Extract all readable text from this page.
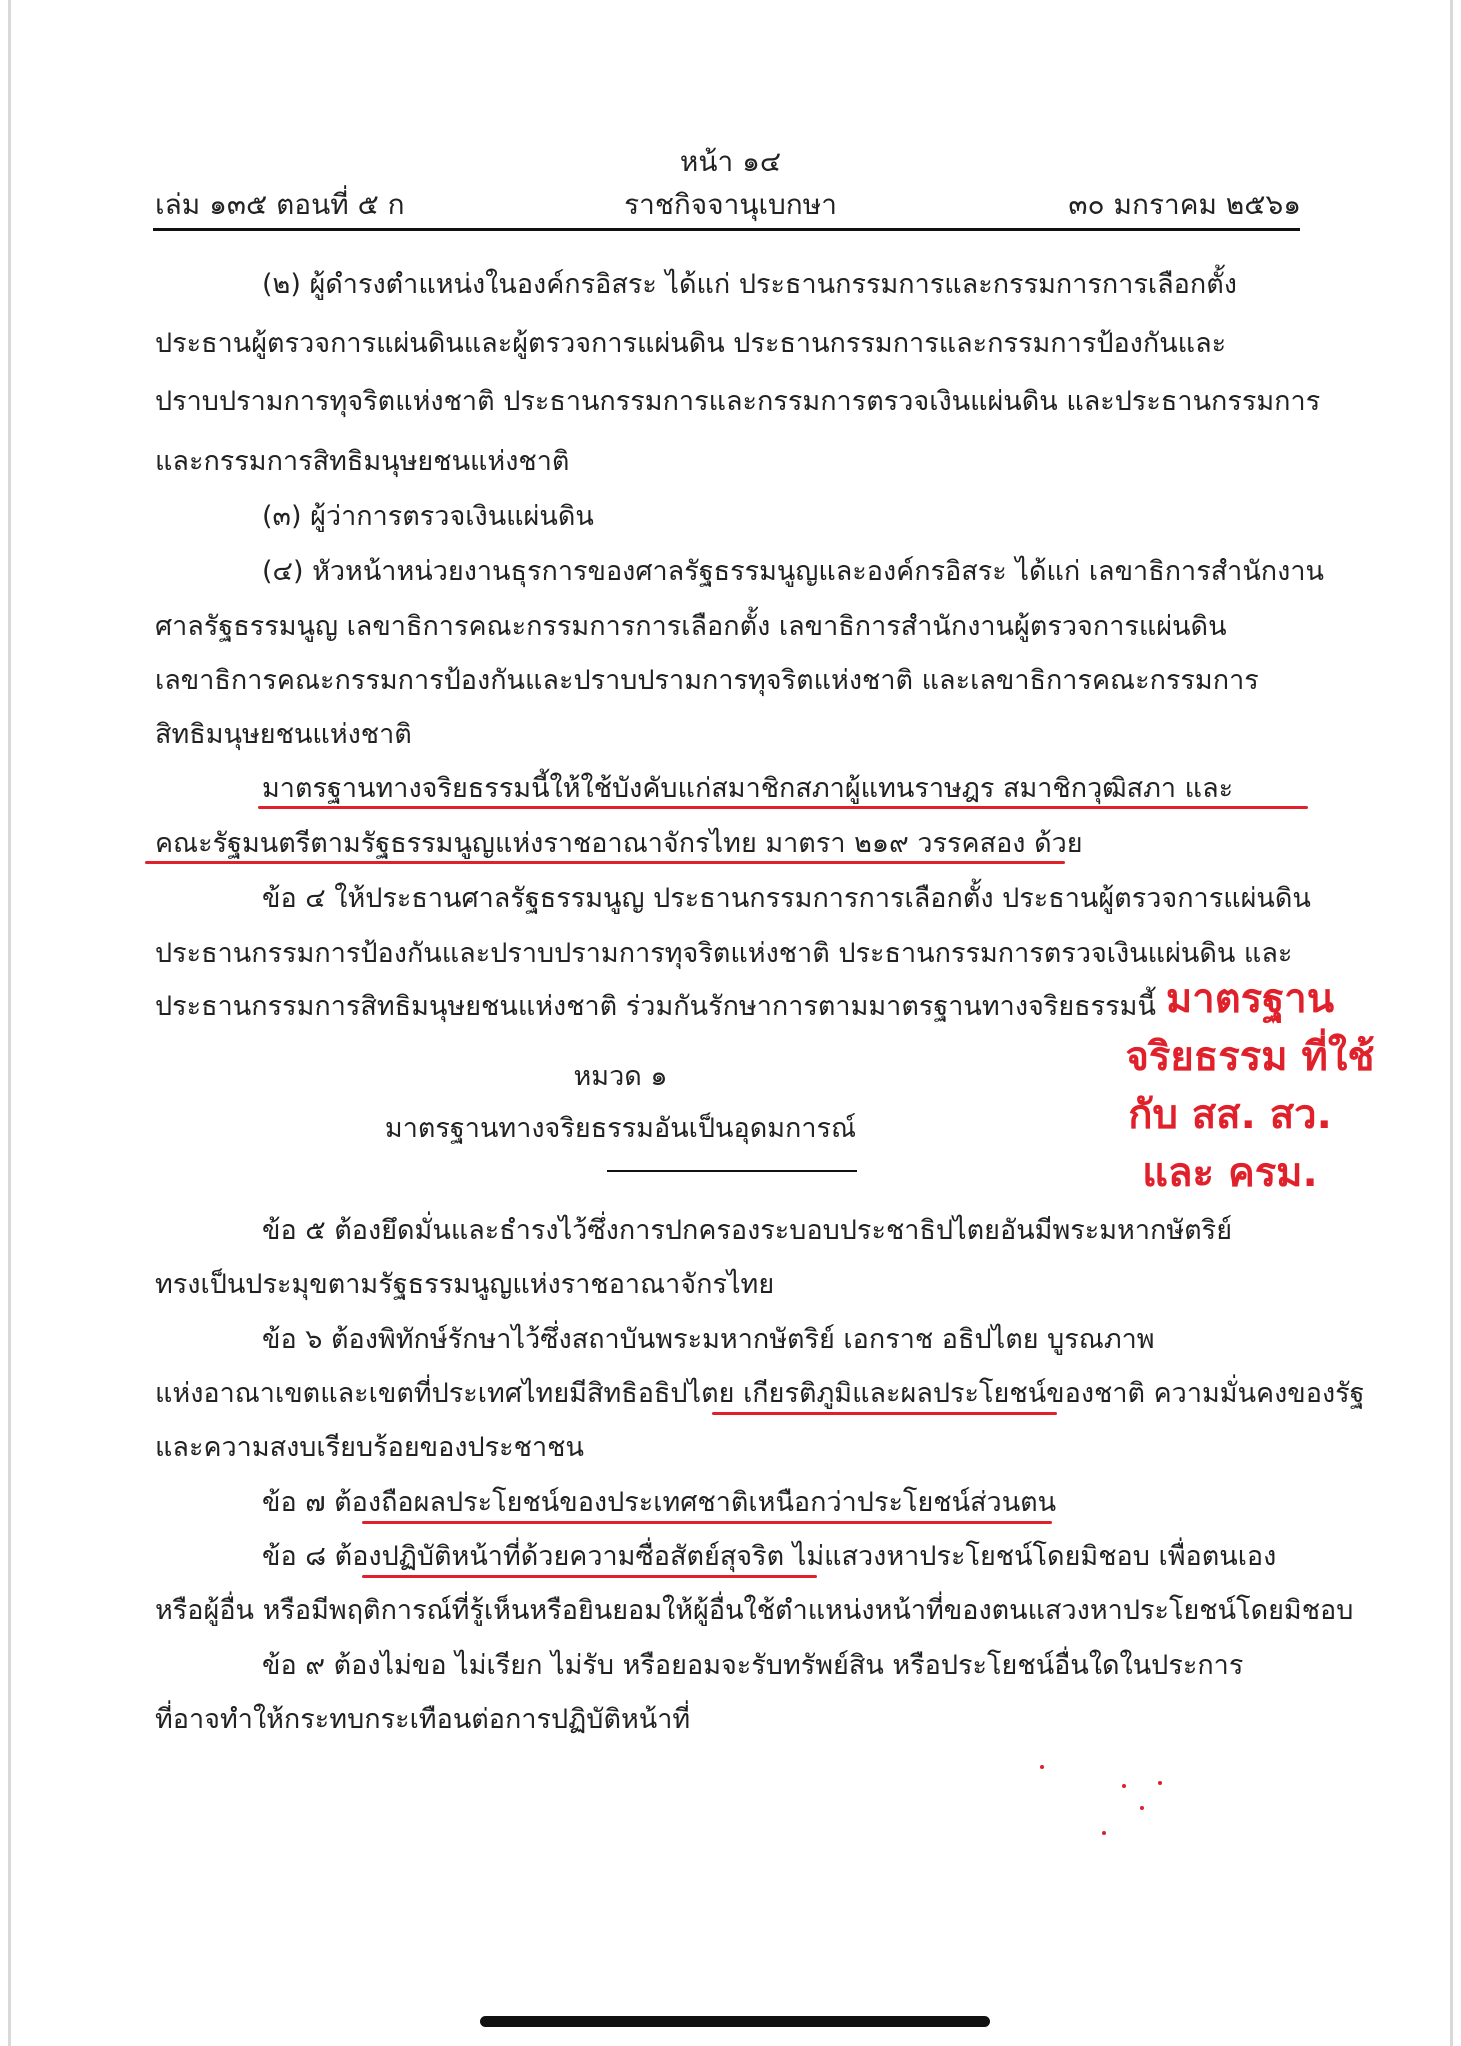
หน้า ๑๔
เล่ม ๑๓๕ ตอนที่ ๕ ก	ราชกิจจานุเบกษา	๓๐ มกราคม ๒๕๖๑
(๒) ผู้ดำรงตำแหน่งในองค์กรอิสระ ได้แก่ ประธานกรรมการและกรรมการการเลือกตั้ง
ประธานผู้ตรวจการแผ่นดินและผู้ตรวจการแผ่นดิน ประธานกรรมการและกรรมการป้องกันและ
ปราบปรามการทุจริตแห่งชาติ ประธานกรรมการและกรรมการตรวจเงินแผ่นดิน และประธานกรรมการ
และกรรมการสิทธิมนุษยชนแห่งชาติ
(๓) ผู้ว่าการตรวจเงินแผ่นดิน
(๔) หัวหน้าหน่วยงานธุรการของศาลรัฐธรรมนูญและองค์กรอิสระ ได้แก่ เลขาธิการสำนักงาน
ศาลรัฐธรรมนูญ เลขาธิการคณะกรรมการการเลือกตั้ง เลขาธิการสำนักงานผู้ตรวจการแผ่นดิน
เลขาธิการคณะกรรมการป้องกันและปราบปรามการทุจริตแห่งชาติ และเลขาธิการคณะกรรมการ
สิทธิมนุษยชนแห่งชาติ
มาตรฐานทางจริยธรรมนี้ให้ใช้บังคับแก่สมาชิกสภาผู้แทนราษฎร สมาชิกวุฒิสภา และ
คณะรัฐมนตรีตามรัฐธรรมนูญแห่งราชอาณาจักรไทย มาตรา ๒๑๙ วรรคสอง ด้วย
ข้อ ๔ ให้ประธานศาลรัฐธรรมนูญ ประธานกรรมการการเลือกตั้ง ประธานผู้ตรวจการแผ่นดิน
ประธานกรรมการป้องกันและปราบปรามการทุจริตแห่งชาติ ประธานกรรมการตรวจเงินแผ่นดิน และ
ประธานกรรมการสิทธิมนุษยชนแห่งชาติ ร่วมกันรักษาการตามมาตรฐานทางจริยธรรมนี้
หมวด ๑
มาตรฐานทางจริยธรรมอันเป็นอุดมการณ์
ข้อ ๕ ต้องยึดมั่นและธำรงไว้ซึ่งการปกครองระบอบประชาธิปไตยอันมีพระมหากษัตริย์
ทรงเป็นประมุขตามรัฐธรรมนูญแห่งราชอาณาจักรไทย
ข้อ ๖ ต้องพิทักษ์รักษาไว้ซึ่งสถาบันพระมหากษัตริย์ เอกราช อธิปไตย บูรณภาพ
แห่งอาณาเขตและเขตที่ประเทศไทยมีสิทธิอธิปไตย เกียรติภูมิและผลประโยชน์ของชาติ ความมั่นคงของรัฐ
และความสงบเรียบร้อยของประชาชน
ข้อ ๗ ต้องถือผลประโยชน์ของประเทศชาติเหนือกว่าประโยชน์ส่วนตน
ข้อ ๘ ต้องปฏิบัติหน้าที่ด้วยความซื่อสัตย์สุจริต ไม่แสวงหาประโยชน์โดยมิชอบ เพื่อตนเอง
หรือผู้อื่น หรือมีพฤติการณ์ที่รู้เห็นหรือยินยอมให้ผู้อื่นใช้ตำแหน่งหน้าที่ของตนแสวงหาประโยชน์โดยมิชอบ
ข้อ ๙ ต้องไม่ขอ ไม่เรียก ไม่รับ หรือยอมจะรับทรัพย์สิน หรือประโยชน์อื่นใดในประการ
ที่อาจทำให้กระทบกระเทือนต่อการปฏิบัติหน้าที่
มาตรฐาน
จริยธรรม ที่ใช้
กับ สส. สว.
และ ครม.
